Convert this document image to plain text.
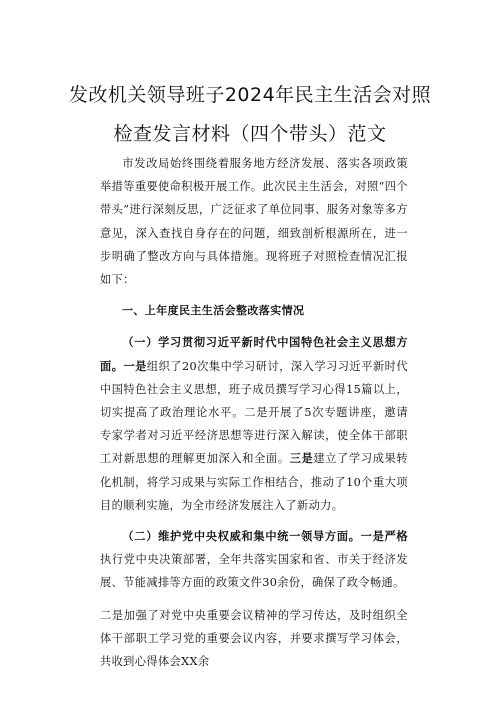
发改机关领导班子2024年民主生活会对照
检查发言材料（四个带头）范文

市发改局始终围绕着服务地方经济发展、落实各项政策举措等重要使命积极开展工作。此次民主生活会，对照“四个带头”进行深刻反思，广泛征求了单位同事、服务对象等多方意见，深入查找自身存在的问题，细致剖析根源所在，进一步明确了整改方向与具体措施。现将班子对照检查情况汇报如下：

一、上年度民主生活会整改落实情况

（一）学习贯彻习近平新时代中国特色社会主义思想方面。一是组织了20次集中学习研讨，深入学习习近平新时代中国特色社会主义思想，班子成员撰写学习心得15篇以上，切实提高了政治理论水平。二是开展了5次专题讲座，邀请专家学者对习近平经济思想等进行深入解读，使全体干部职工对新思想的理解更加深入和全面。三是建立了学习成果转化机制，将学习成果与实际工作相结合，推动了10个重大项目的顺利实施，为全市经济发展注入了新动力。

（二）维护党中央权威和集中统一领导方面。一是严格执行党中央决策部署，全年共落实国家和省、市关于经济发展、节能减排等方面的政策文件30余份，确保了政令畅通。

二是加强了对党中央重要会议精神的学习传达，及时组织全体干部职工学习党的重要会议内容，并要求撰写学习体会，共收到心得体会XX余
